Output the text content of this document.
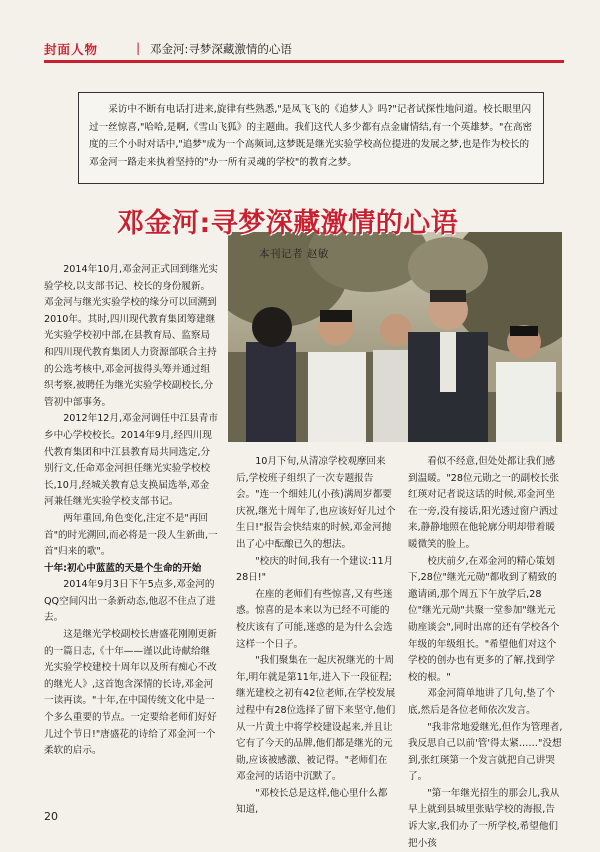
封面人物	| 邓金河:寻梦深藏激情的心语

采访中不断有电话打进来,旋律有些熟悉,"是凤飞飞的《追梦人》吗?"记者试探性地问道。校长眼里闪过一丝惊喜,"哈哈,是啊,《雪山飞狐》的主题曲。我们这代人多少都有点金庸情结,有一个英雄梦。"在高密度的三个小时对话中,"追梦"成为一个高频词,这梦既是继光实验学校高位提进的发展之梦,也是作为校长的邓金河一路走来执着坚持的"办一所有灵魂的学校"的教育之梦。

邓金河:寻梦深藏激情的心语
本刊记者 赵敏

2014年10月,邓金河正式回到继光实验学校,以支部书记、校长的身份履新。邓金河与继光实验学校的缘分可以回溯到2010年。其时,四川现代教育集团筹建继光实验学校初中部,在县教育局、监察局和四川现代教育集团人力资源部联合主持的公选考核中,邓金河拔得头筹并通过组织考察,被聘任为继光实验学校副校长,分管初中部事务。

2012年12月,邓金河调任中江县青市乡中心学校校长。2014年9月,经四川现代教育集团和中江县教育局共同选定,分别行文,任命邓金河担任继光实验学校校长,10月,经城关教育总支换届选举,邓金河兼任继光实验学校支部书记。

两年重回,角色变化,注定不是"再回首"的时光溯回,而必将是一段人生新曲,一首"归来的歌"。

十年:初心中蓝蓝的天是个生命的开始

2014年9月3日下午5点多,邓金河的QQ空间闪出一条新动态,他忍不住点了进去。

这是继光学校副校长唐盛花刚刚更新的一篇日志,《十年——谨以此诗献给继光实验学校建校十周年以及所有痴心不改的继光人》,这首饱含深情的长诗,邓金河一读再读。"十年,在中国传统文化中是一个多么重要的节点。一定要给老师们好好儿过个节日!"唐盛花的诗给了邓金河一个柔软的启示。

10月下旬,从清凉学校观摩回来后,学校班子组织了一次专题报告会。"连一个细娃儿(小孩)满周岁都要庆祝,继光十周年了,也应该好好儿过个生日!"报告会快结束的时候,邓金河抛出了心中酝酿已久的想法。

"校庆的时间,我有一个建议:11月28日!"

在座的老师们有些惊喜,又有些迷惑。惊喜的是本来以为已经不可能的校庆该有了可能,迷惑的是为什么会选这样一个日子。

"我们聚集在一起庆祝继光的十周年,明年就是第11年,进入下一段征程;继光建校之初有42位老师,在学校发展过程中有28位选择了留下来坚守,他们从一片黄土中将学校建设起来,并且让它有了今天的品牌,他们都是继光的元勋,应该被感激、被记得。"老师们在邓金河的话语中沉默了。

"邓校长总是这样,他心里什么都知道,

看似不经意,但处处都让我们感到温暖。"28位元勋之一的副校长张红瑛对记者说这话的时候,邓金河坐在一旁,没有接话,阳光透过窗户洒过来,静静地照在他轮廓分明却带着暖暖微笑的脸上。

校庆前夕,在邓金河的精心策划下,28位"继光元勋"都收到了精致的邀请函,那个周五下午放学后,28位"继光元勋"共聚一堂参加"继光元勋座谈会",同时出席的还有学校各个年级的年级组长。"希望他们对这个学校的创办也有更多的了解,找到学校的根。"

邓金河简单地讲了几句,垫了个底,然后是各位老师依次发言。

"我非常地爱继光,但作为管理者,我反思自己以前'管'得太紧……"没想到,张红瑛第一个发言就把自己讲哭了。

"第一年继光招生的那会儿,我从早上就到县城里张贴学校的海报,告诉大家,我们办了一所学校,希望他们把小孩

20
